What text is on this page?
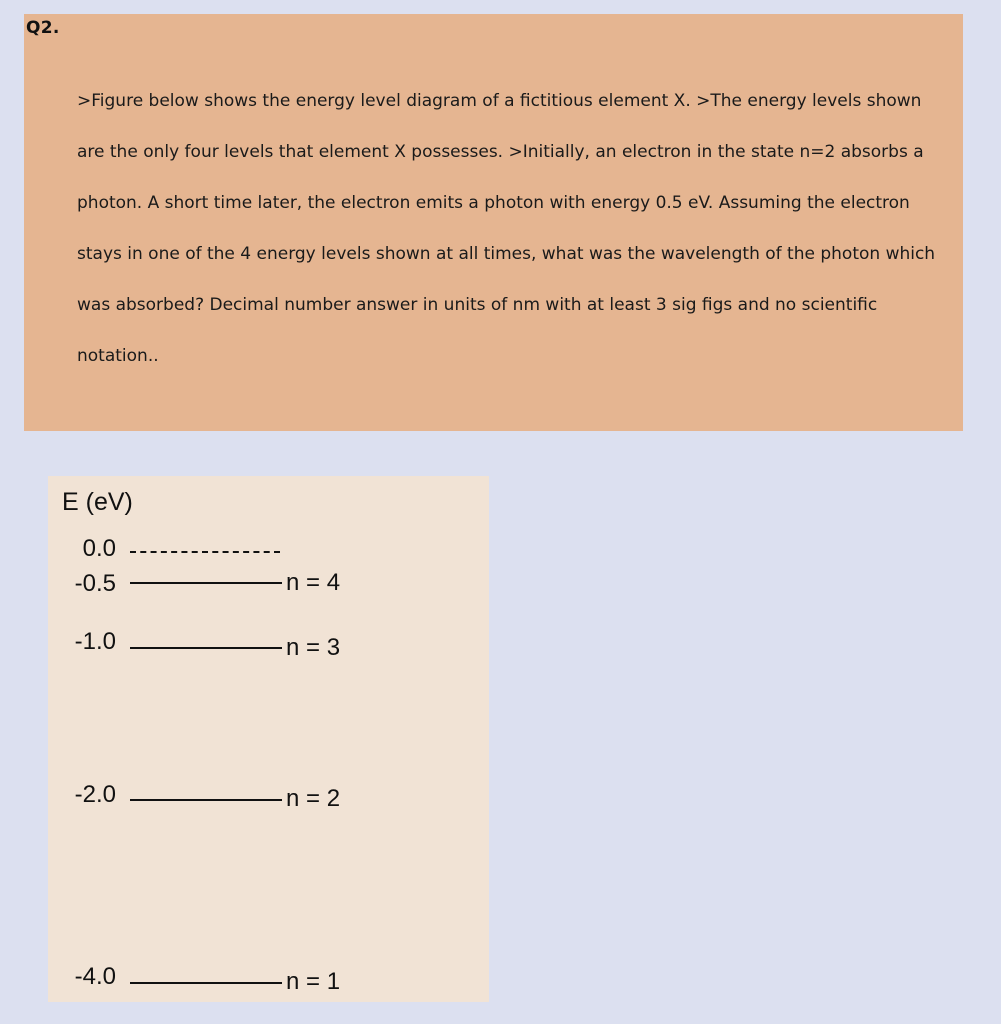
>Figure below shows the energy level diagram of a fictitious element X. >The energy levels shown are the only four levels that element X possesses. >Initially, an electron in the state n=2 absorbs a photon. A short time later, the electron emits a photon with energy 0.5 eV. Assuming the electron stays in one of the 4 energy levels shown at all times, what was the wavelength of the photon which was absorbed? Decimal number answer in units of nm with at least 3 sig figs and no scientific notation..

Q2.
E (eV)
0.0
-0.5	n = 4
-1.0	n = 3
-2.0	n = 2
-4.0	n = 1
